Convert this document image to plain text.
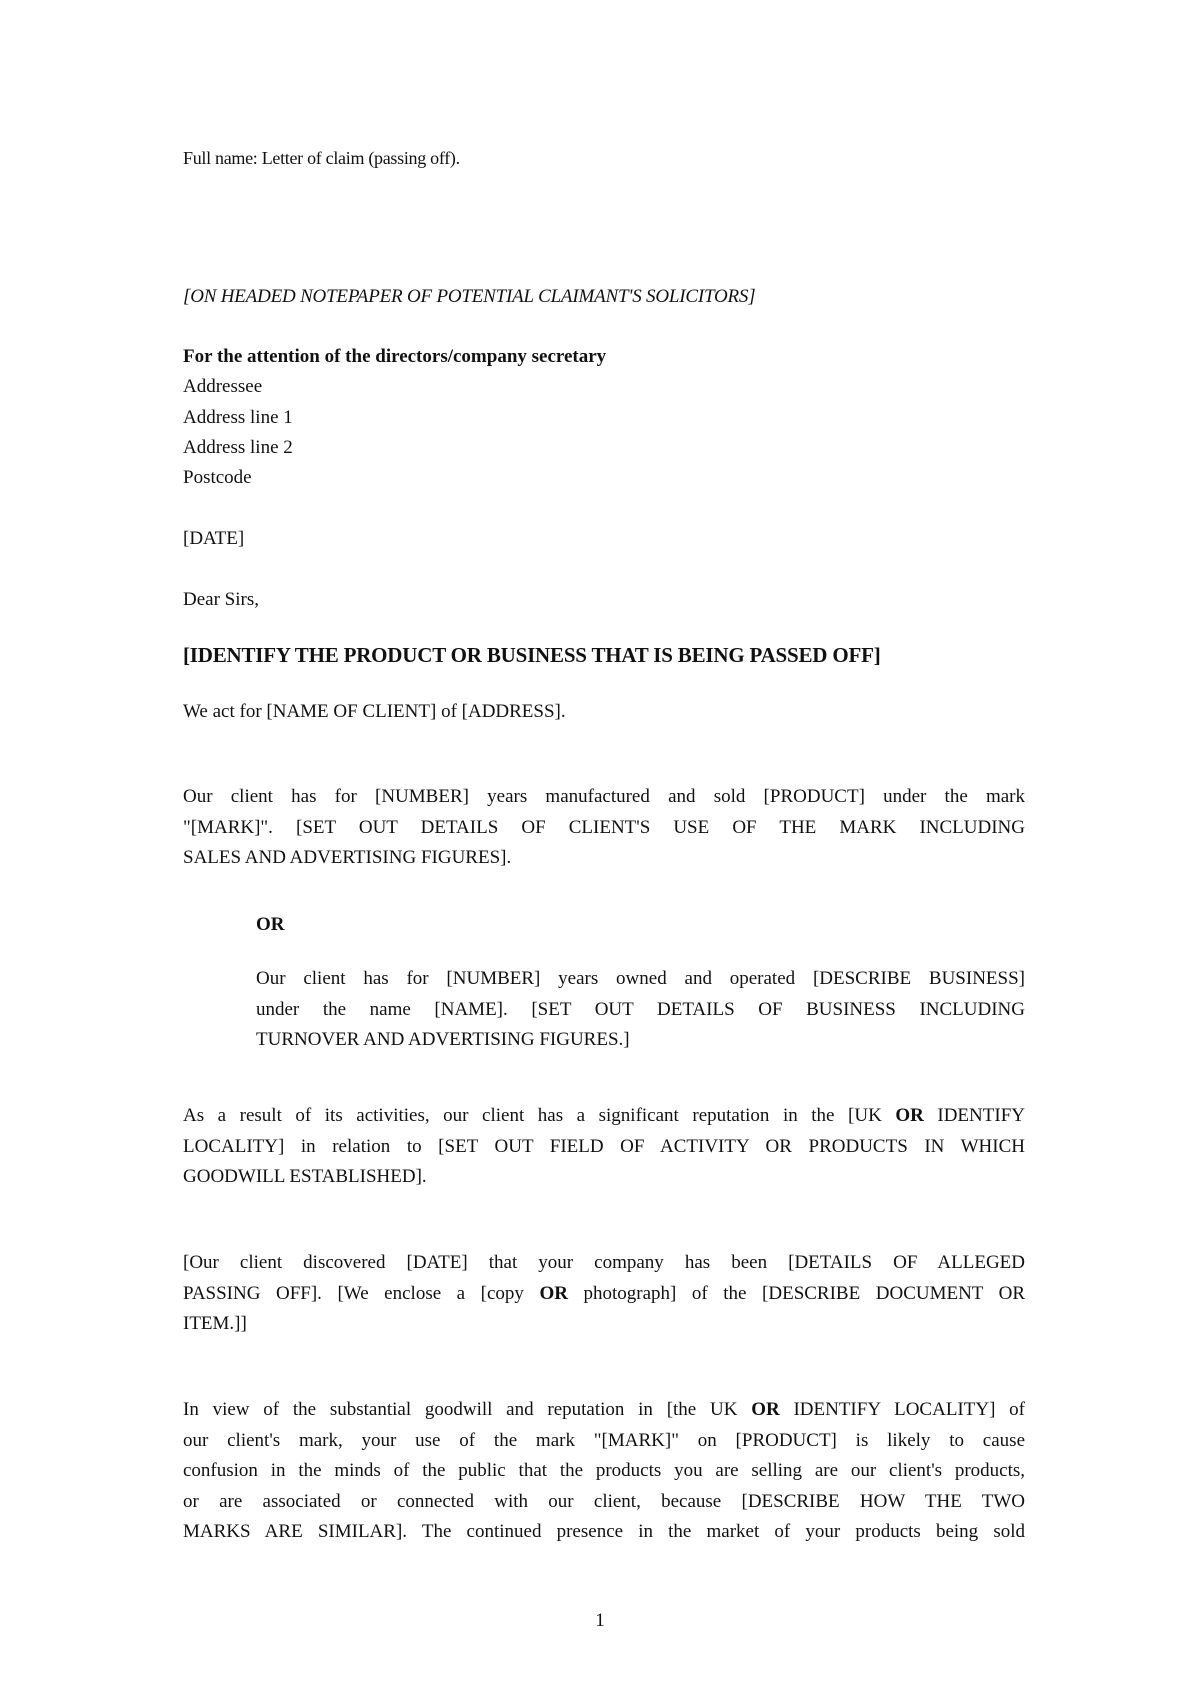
Full name: Letter of claim (passing off).
[ON HEADED NOTEPAPER OF POTENTIAL CLAIMANT'S SOLICITORS]
For the attention of the directors/company secretary
Addressee
Address line 1
Address line 2
Postcode
[DATE]
Dear Sirs,
[IDENTIFY THE PRODUCT OR BUSINESS THAT IS BEING PASSED OFF]
We act for [NAME OF CLIENT] of [ADDRESS].
Our client has for [NUMBER] years manufactured and sold [PRODUCT] under the mark
"[MARK]". [SET OUT DETAILS OF CLIENT'S USE OF THE MARK INCLUDING
SALES AND ADVERTISING FIGURES].
OR
Our client has for [NUMBER] years owned and operated [DESCRIBE BUSINESS]
under the name [NAME]. [SET OUT DETAILS OF BUSINESS INCLUDING
TURNOVER AND ADVERTISING FIGURES.]
As a result of its activities, our client has a significant reputation in the [UK OR IDENTIFY
LOCALITY] in relation to [SET OUT FIELD OF ACTIVITY OR PRODUCTS IN WHICH
GOODWILL ESTABLISHED].
[Our client discovered [DATE] that your company has been [DETAILS OF ALLEGED
PASSING OFF]. [We enclose a [copy OR photograph] of the [DESCRIBE DOCUMENT OR
ITEM.]]
In view of the substantial goodwill and reputation in [the UK OR IDENTIFY LOCALITY] of
our client's mark, your use of the mark "[MARK]" on [PRODUCT] is likely to cause
confusion in the minds of the public that the products you are selling are our client's products,
or are associated or connected with our client, because [DESCRIBE HOW THE TWO
MARKS ARE SIMILAR]. The continued presence in the market of your products being sold
1
